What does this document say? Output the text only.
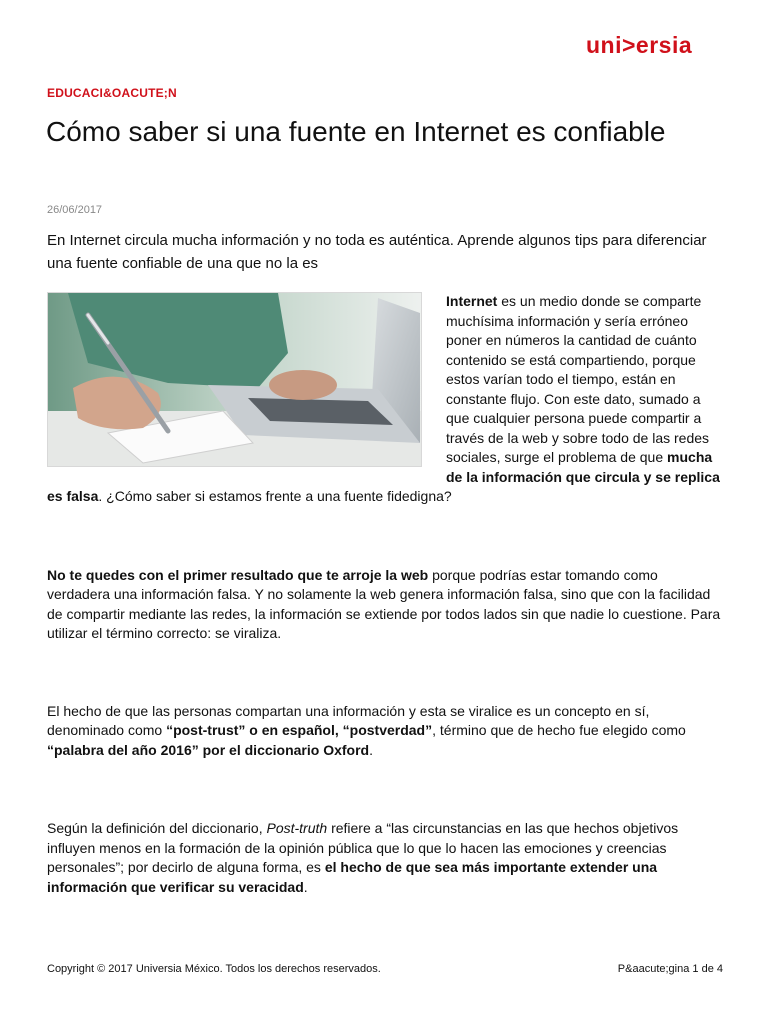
uni>ersia
EDUCACI&OACUTE;N
Cómo saber si una fuente en Internet es confiable
26/06/2017

En Internet circula mucha información y no toda es auténtica. Aprende algunos tips para diferenciar una fuente confiable de una que no la es

Internet es un medio donde se comparte muchísima información y sería erróneo poner en números la cantidad de cuánto contenido se está compartiendo, porque estos varían todo el tiempo, están en constante flujo. Con este dato, sumado a que cualquier persona puede compartir a través de la web y sobre todo de las redes sociales, surge el problema de que mucha de la información que circula y se replica es falsa. ¿Cómo saber si estamos frente a una fuente fidedigna?

No te quedes con el primer resultado que te arroje la web porque podrías estar tomando como verdadera una información falsa. Y no solamente la web genera información falsa, sino que con la facilidad de compartir mediante las redes, la información se extiende por todos lados sin que nadie lo cuestione. Para utilizar el término correcto: se viraliza.

El hecho de que las personas compartan una información y esta se viralice es un concepto en sí, denominado como “post-trust” o en español, “postverdad”, término que de hecho fue elegido como “palabra del año 2016” por el diccionario Oxford.

Según la definición del diccionario, Post-truth refiere a “las circunstancias en las que hechos objetivos influyen menos en la formación de la opinión pública que lo que lo hacen las emociones y creencias personales”; por decirlo de alguna forma, es el hecho de que sea más importante extender una información que verificar su veracidad.

Copyright © 2017 Universia México. Todos los derechos reservados.	P&aacute;gina 1 de 4
